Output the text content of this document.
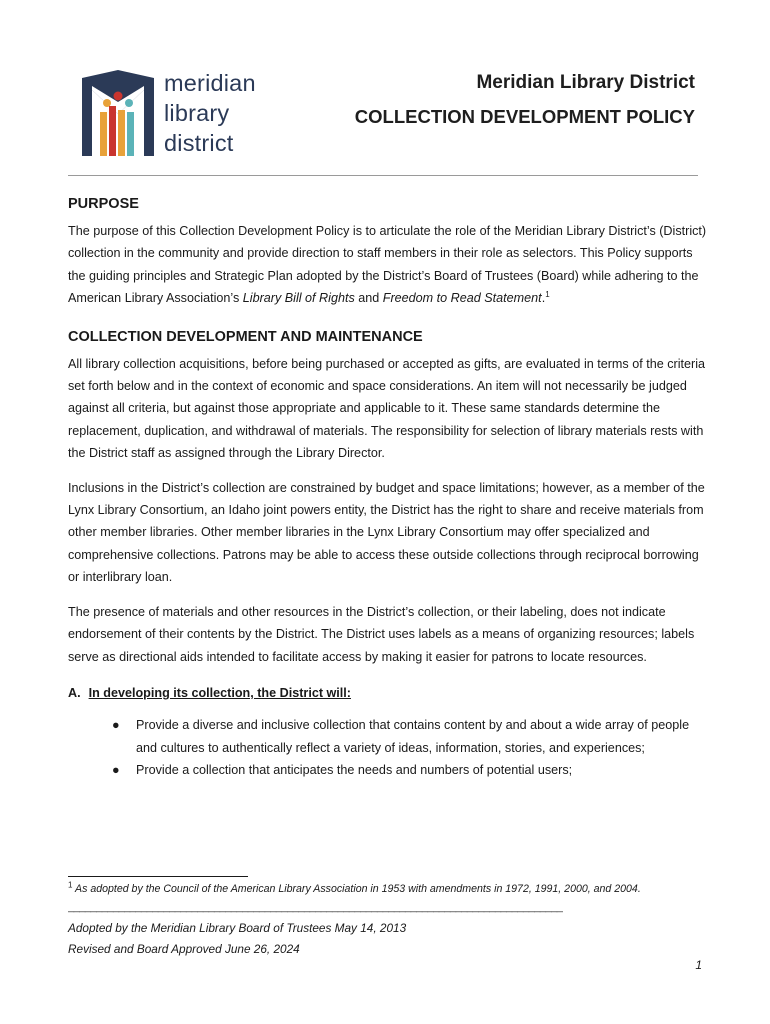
meridian
library
district
Meridian Library District
COLLECTION DEVELOPMENT POLICY
PURPOSE

The purpose of this Collection Development Policy is to articulate the role of the Meridian Library District’s (District) collection in the community and provide direction to staff members in their role as selectors. This Policy supports the guiding principles and Strategic Plan adopted by the District’s Board of Trustees (Board) while adhering to the American Library Association’s Library Bill of Rights and Freedom to Read Statement.$^1$

COLLECTION DEVELOPMENT AND MAINTENANCE

All library collection acquisitions, before being purchased or accepted as gifts, are evaluated in terms of the criteria set forth below and in the context of economic and space considerations. An item will not necessarily be judged against all criteria, but against those appropriate and applicable to it. These same standards determine the replacement, duplication, and withdrawal of materials. The responsibility for selection of library materials rests with the District staff as assigned through the Library Director.

Inclusions in the District’s collection are constrained by budget and space limitations; however, as a member of the Lynx Library Consortium, an Idaho joint powers entity, the District has the right to share and receive materials from other member libraries. Other member libraries in the Lynx Library Consortium may offer specialized and comprehensive collections. Patrons may be able to access these outside collections through reciprocal borrowing or interlibrary loan.

The presence of materials and other resources in the District’s collection, or their labeling, does not indicate endorsement of their contents by the District. The District uses labels as a means of organizing resources; labels serve as directional aids intended to facilitate access by making it easier for patrons to locate resources.

A. In developing its collection, the District will:
● Provide a diverse and inclusive collection that contains content by and about a wide array of people and cultures to authentically reflect a variety of ideas, information, stories, and experiences;
● Provide a collection that anticipates the needs and numbers of potential users;
$^1$ As adopted by the Council of the American Library Association in 1953 with amendments in 1972, 1991, 2000, and 2004.
________________________________________________________________________________________
Adopted by the Meridian Library Board of Trustees May 14, 2013
Revised and Board Approved June 26, 2024
1
